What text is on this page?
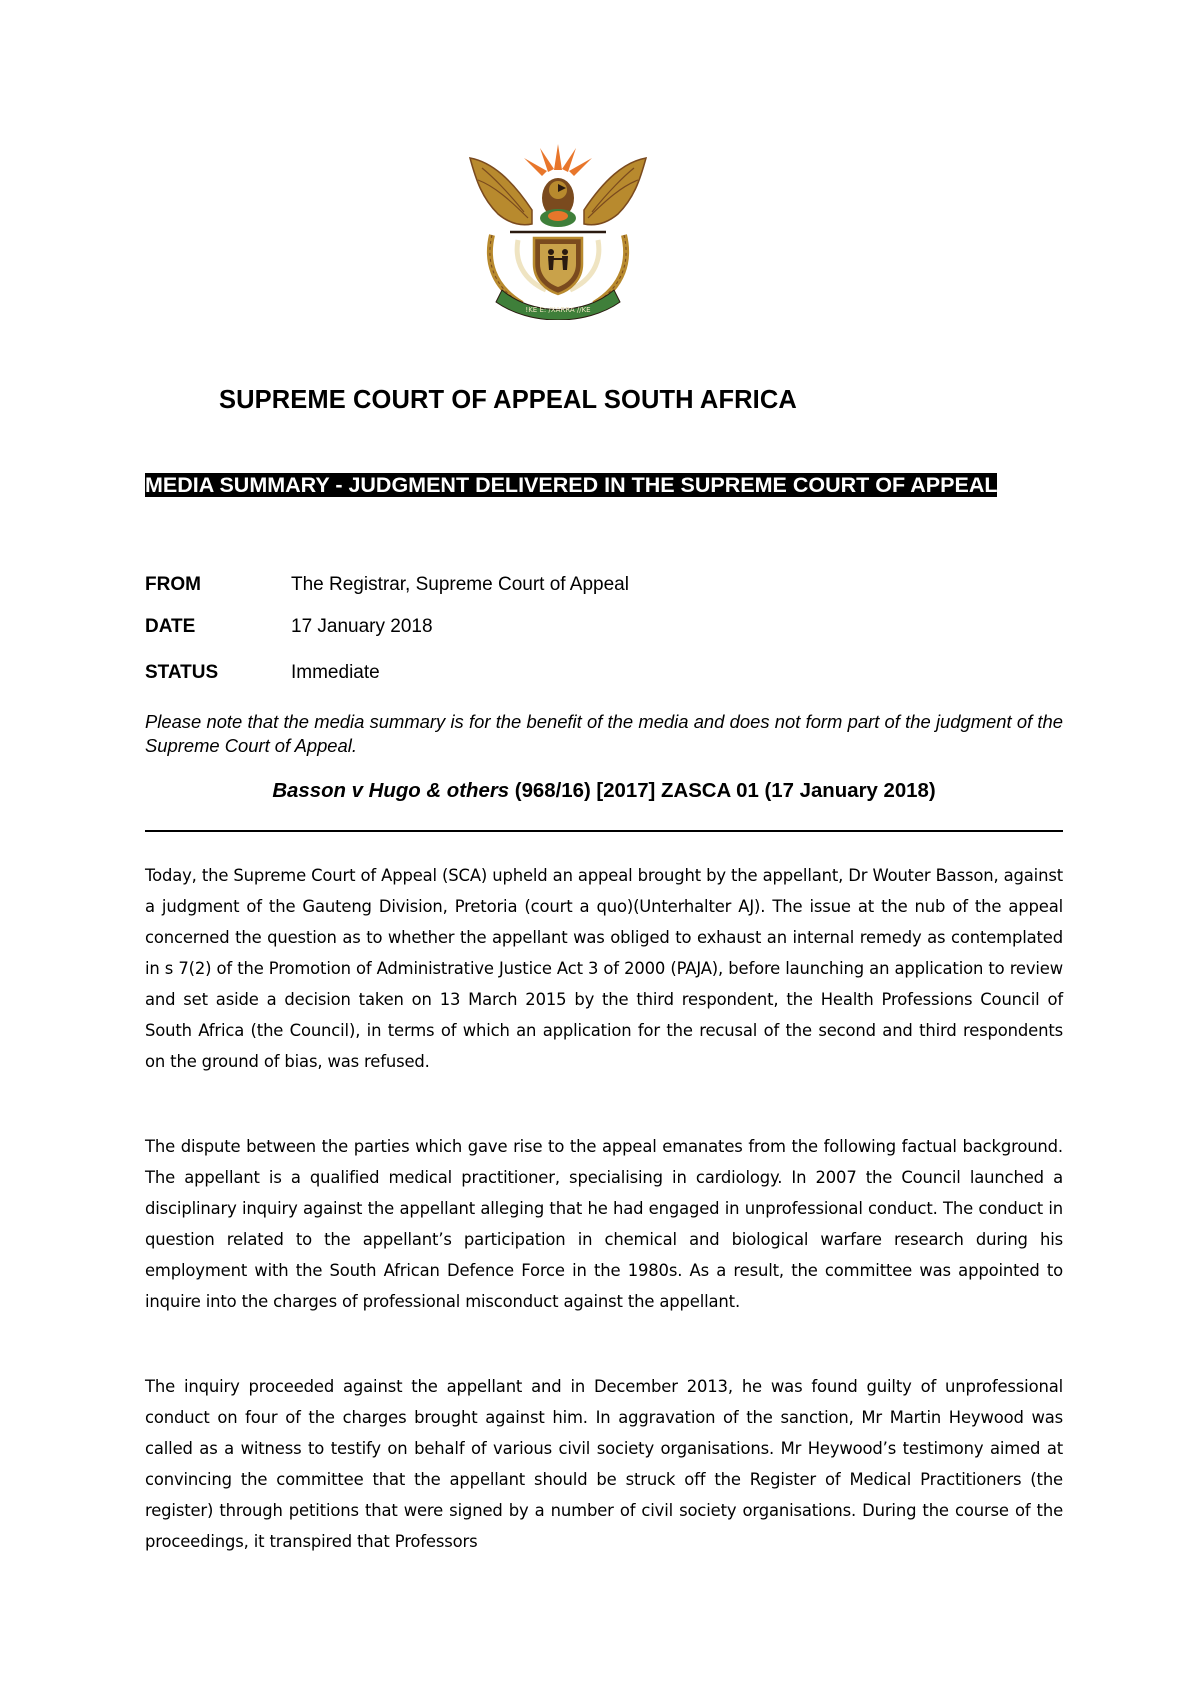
!KE E: /XARRA //KE
SUPREME COURT OF APPEAL SOUTH AFRICA

MEDIA SUMMARY - JUDGMENT DELIVERED IN THE SUPREME COURT OF APPEAL

FROM	The Registrar, Supreme Court of Appeal
DATE	17 January 2018
STATUS	Immediate

Please note that the media summary is for the benefit of the media and does not form part of the judgment of the Supreme Court of Appeal.

Basson v Hugo & others (968/16) [2017] ZASCA 01 (17 January 2018)

Today, the Supreme Court of Appeal (SCA) upheld an appeal brought by the appellant, Dr Wouter Basson, against a judgment of the Gauteng Division, Pretoria (court a quo)(Unterhalter AJ). The issue at the nub of the appeal concerned the question as to whether the appellant was obliged to exhaust an internal remedy as contemplated in s 7(2) of the Promotion of Administrative Justice Act 3 of 2000 (PAJA), before launching an application to review and set aside a decision taken on 13 March 2015 by the third respondent, the Health Professions Council of South Africa (the Council), in terms of which an application for the recusal of the second and third respondents on the ground of bias, was refused.

The dispute between the parties which gave rise to the appeal emanates from the following factual background. The appellant is a qualified medical practitioner, specialising in cardiology. In 2007 the Council launched a disciplinary inquiry against the appellant alleging that he had engaged in unprofessional conduct. The conduct in question related to the appellant’s participation in chemical and biological warfare research during his employment with the South African Defence Force in the 1980s. As a result, the committee was appointed to inquire into the charges of professional misconduct against the appellant.

The inquiry proceeded against the appellant and in December 2013, he was found guilty of unprofessional conduct on four of the charges brought against him. In aggravation of the sanction, Mr Martin Heywood was called as a witness to testify on behalf of various civil society organisations. Mr Heywood’s testimony aimed at convincing the committee that the appellant should be struck off the Register of Medical Practitioners (the register) through petitions that were signed by a number of civil society organisations. During the course of the proceedings, it transpired that Professors
